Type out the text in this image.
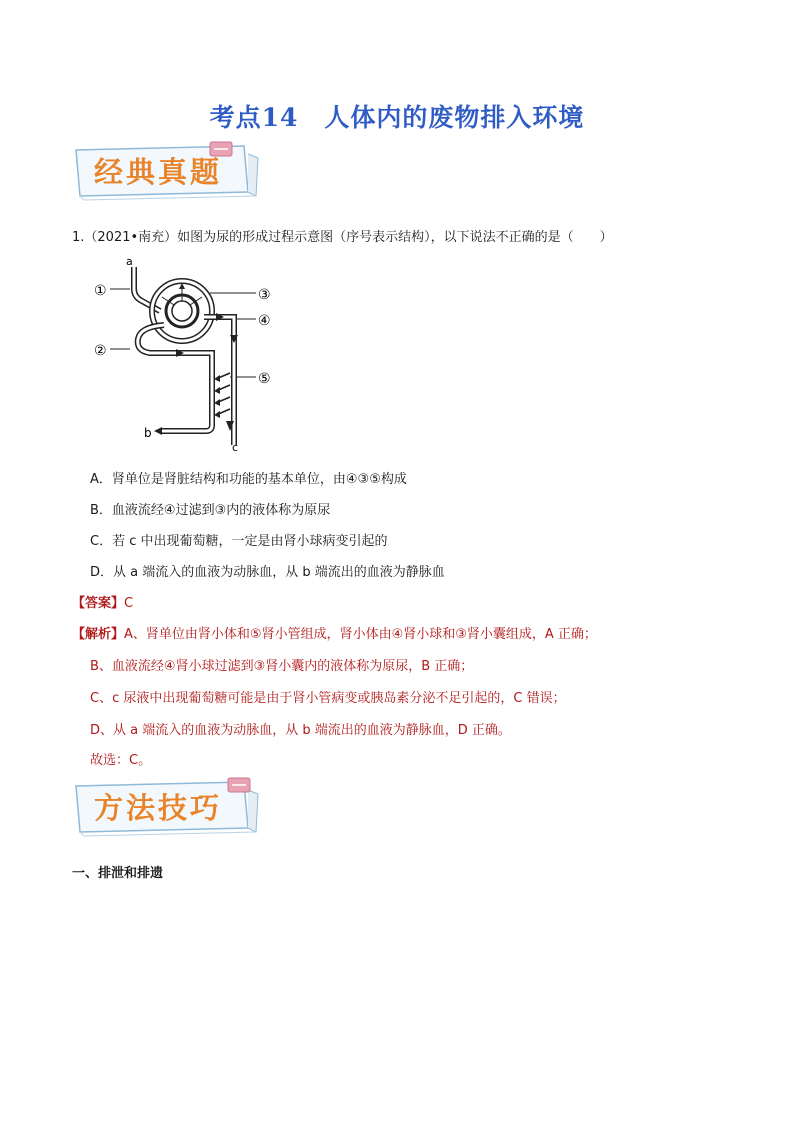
考点14　人体内的废物排入环境
经典真题
1.（2021•南充）如图为尿的形成过程示意图（序号表示结构），以下说法不正确的是（　　）
a
b
c
①
②
③
④
⑤
A．肾单位是肾脏结构和功能的基本单位，由④③⑤构成
B．血液流经④过滤到③内的液体称为原尿
C．若 c 中出现葡萄糖，一定是由肾小球病变引起的
D．从 a 端流入的血液为动脉血，从 b 端流出的血液为静脉血
【答案】C
【解析】A、肾单位由肾小体和⑤肾小管组成，肾小体由④肾小球和③肾小囊组成，A 正确；
B、血液流经④肾小球过滤到③肾小囊内的液体称为原尿，B 正确；
C、c 尿液中出现葡萄糖可能是由于肾小管病变或胰岛素分泌不足引起的，C 错误；
D、从 a 端流入的血液为动脉血，从 b 端流出的血液为静脉血，D 正确。
故选：C。
方法技巧
一、排泄和排遗
